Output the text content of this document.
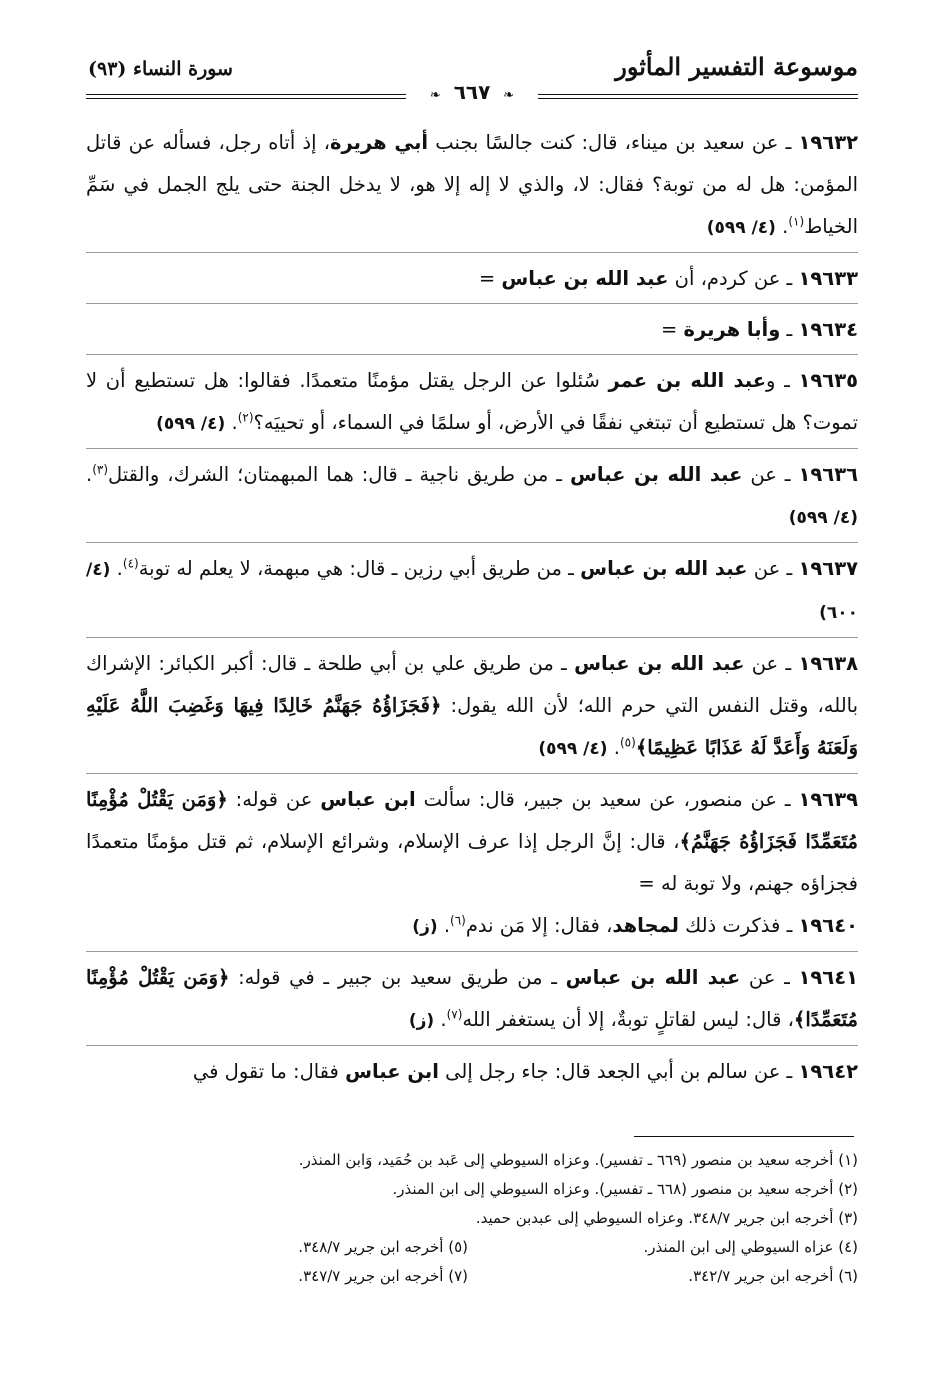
موسوعة التفسير المأثور
سورة النساء (٩٣)
❧ ٦٦٧ ❧

١٩٦٣٢ ـ عن سعيد بن ميناء، قال: كنت جالسًا بجنب أبي هريرة، إذ أتاه رجل، فسأله عن قاتل المؤمن: هل له من توبة؟ فقال: لا، والذي لا إله إلا هو، لا يدخل الجنة حتى يلج الجمل في سَمِّ الخياط$^{(١)}$. (٤/ ٥٩٩)

١٩٦٣٣ ـ عن كردم، أن عبد الله بن عباس =

١٩٦٣٤ ـ وأبا هريرة =

١٩٦٣٥ ـ وعبد الله بن عمر سُئلوا عن الرجل يقتل مؤمنًا متعمدًا. فقالوا: هل تستطيع أن لا تموت؟ هل تستطيع أن تبتغي نفقًا في الأرض، أو سلمًا في السماء، أو تحييَه؟$^{(٢)}$. (٤/ ٥٩٩)

١٩٦٣٦ ـ عن عبد الله بن عباس ـ من طريق ناجية ـ قال: هما المبهمتان؛ الشرك، والقتل$^{(٣)}$. (٤/ ٥٩٩)

١٩٦٣٧ ـ عن عبد الله بن عباس ـ من طريق أبي رزين ـ قال: هي مبهمة، لا يعلم له توبة$^{(٤)}$. (٤/ ٦٠٠)

١٩٦٣٨ ـ عن عبد الله بن عباس ـ من طريق علي بن أبي طلحة ـ قال: أكبر الكبائر: الإشراك بالله، وقتل النفس التي حرم الله؛ لأن الله يقول: ﴿فَجَزَاؤُهُ جَهَنَّمُ خَالِدًا فِيهَا وَغَضِبَ اللَّهُ عَلَيْهِ وَلَعَنَهُ وَأَعَدَّ لَهُ عَذَابًا عَظِيمًا﴾$^{(٥)}$. (٤/ ٥٩٩)

١٩٦٣٩ ـ عن منصور، عن سعيد بن جبير، قال: سألت ابن عباس عن قوله: ﴿وَمَن يَقْتُلْ مُؤْمِنًا مُتَعَمِّدًا فَجَزَاؤُهُ جَهَنَّمُ﴾، قال: إنَّ الرجل إذا عرف الإسلام، وشرائع الإسلام، ثم قتل مؤمنًا متعمدًا فجزاؤه جهنم، ولا توبة له =

١٩٦٤٠ ـ فذكرت ذلك لمجاهد، فقال: إلا مَن ندم$^{(٦)}$. (ز)

١٩٦٤١ ـ عن عبد الله بن عباس ـ من طريق سعيد بن جبير ـ في قوله: ﴿وَمَن يَقْتُلْ مُؤْمِنًا مُتَعَمِّدًا﴾، قال: ليس لقاتلٍ توبةٌ، إلا أن يستغفر الله$^{(٧)}$. (ز)

١٩٦٤٢ ـ عن سالم بن أبي الجعد قال: جاء رجل إلى ابن عباس فقال: ما تقول في

(١) أخرجه سعيد بن منصور (٦٦٩ ـ تفسير). وعزاه السيوطي إلى عَبد بن حُمَيد، وَابن المنذر.
(٢) أخرجه سعيد بن منصور (٦٦٨ ـ تفسير). وعزاه السيوطي إلى ابن المنذر.
(٣) أخرجه ابن جرير ٣٤٨/٧. وعزاه السيوطي إلى عبدبن حميد.
(٤) عزاه السيوطي إلى ابن المنذر.
(٥) أخرجه ابن جرير ٣٤٨/٧.
(٦) أخرجه ابن جرير ٣٤٢/٧.
(٧) أخرجه ابن جرير ٣٤٧/٧.
